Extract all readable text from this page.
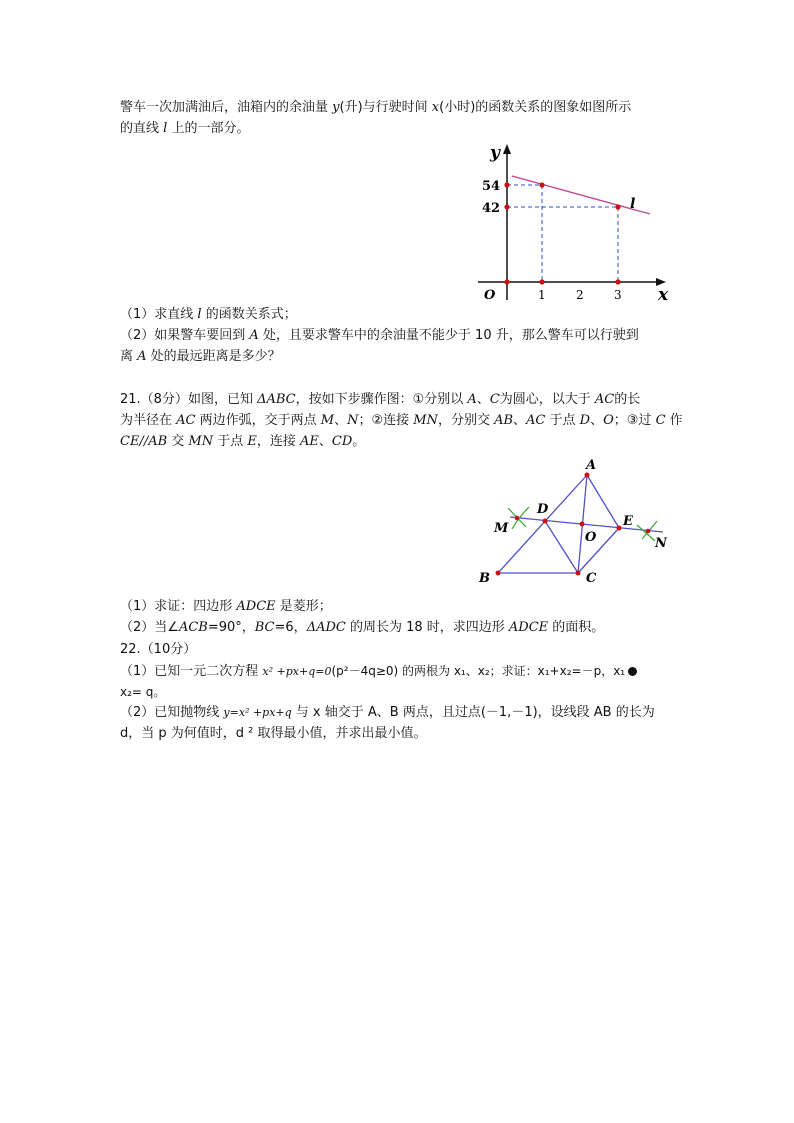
警车一次加满油后，油箱内的余油量 y(升)与行驶时间 x(小时)的函数关系的图象如图所示
的直线 l 上的一部分。
y
x
O
54
42
1	2	3
l
（1）求直线 l 的函数关系式；
（2）如果警车要回到 A 处，且要求警车中的余油量不能少于 10 升，那么警车可以行驶到
离 A 处的最远距离是多少？
21.（8分）如图，已知 ΔABC，按如下步骤作图：①分别以 A、C为圆心，以大于 AC的长
为半径在 AC 两边作弧，交于两点 M、N；②连接 MN，分别交 AB、AC 于点 D、O；③过 C 作
CE//AB 交 MN 于点 E，连接 AE、CD。
A
B	C
D
E
O
M
N
（1）求证：四边形 ADCE 是菱形；
（2）当∠ACB=90°，BC=6，ΔADC 的周长为 18 时，求四边形 ADCE 的面积。
22.（10分）
（1）已知一元二次方程 x² +px+q=0(p²－4q≥0) 的两根为 x₁、x₂；求证：x₁+x₂=－p，x₁
x₂= q。
（2）已知抛物线 y=x² +px+q 与 x 轴交于 A、B 两点，且过点(－1,－1)，设线段 AB 的长为
d，当 p 为何值时，d ² 取得最小值，并求出最小值。
